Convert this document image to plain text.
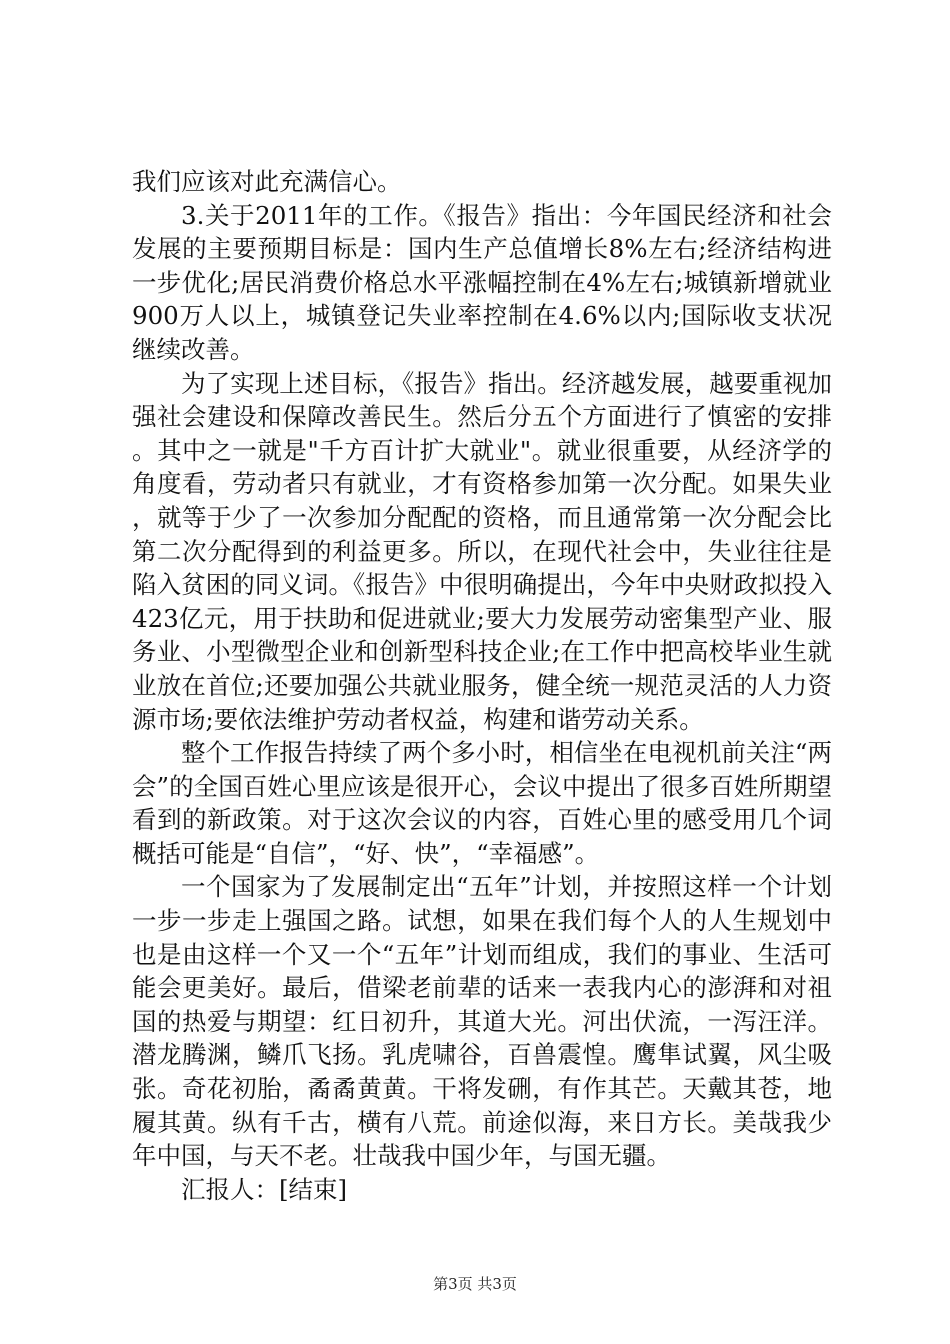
我们应该对此充满信心。

3.关于2011年的工作。《报告》指出：今年国民经济和社会发展的主要预期目标是：国内生产总值增长8%左右;经济结构进一步优化;居民消费价格总水平涨幅控制在4%左右;城镇新增就业900万人以上，城镇登记失业率控制在4.6%以内;国际收支状况继续改善。

为了实现上述目标，《报告》指出。经济越发展，越要重视加强社会建设和保障改善民生。然后分五个方面进行了慎密的安排。其中之一就是"千方百计扩大就业"。就业很重要，从经济学的角度看，劳动者只有就业，才有资格参加第一次分配。如果失业，就等于少了一次参加分配配的资格，而且通常第一次分配会比第二次分配得到的利益更多。所以，在现代社会中，失业往往是陷入贫困的同义词。《报告》中很明确提出，今年中央财政拟投入423亿元，用于扶助和促进就业;要大力发展劳动密集型产业、服务业、小型微型企业和创新型科技企业;在工作中把高校毕业生就业放在首位;还要加强公共就业服务，健全统一规范灵活的人力资源市场;要依法维护劳动者权益，构建和谐劳动关系。

整个工作报告持续了两个多小时，相信坐在电视机前关注“两会”的全国百姓心里应该是很开心，会议中提出了很多百姓所期望看到的新政策。对于这次会议的内容，百姓心里的感受用几个词概括可能是“自信”，“好、快”，“幸福感”。

一个国家为了发展制定出“五年”计划，并按照这样一个计划一步一步走上强国之路。试想，如果在我们每个人的人生规划中也是由这样一个又一个“五年”计划而组成，我们的事业、生活可能会更美好。最后，借梁老前辈的话来一表我内心的澎湃和对祖国的热爱与期望：红日初升，其道大光。河出伏流，一泻汪洋。潜龙腾渊，鳞爪飞扬。乳虎啸谷，百兽震惶。鹰隼试翼，风尘吸张。奇花初胎，矞矞黄黄。干将发硎，有作其芒。天戴其苍，地履其黄。纵有千古，横有八荒。前途似海，来日方长。美哉我少年中国，与天不老。壮哉我中国少年，与国无疆。

汇报人：[结束]

第3页 共3页
